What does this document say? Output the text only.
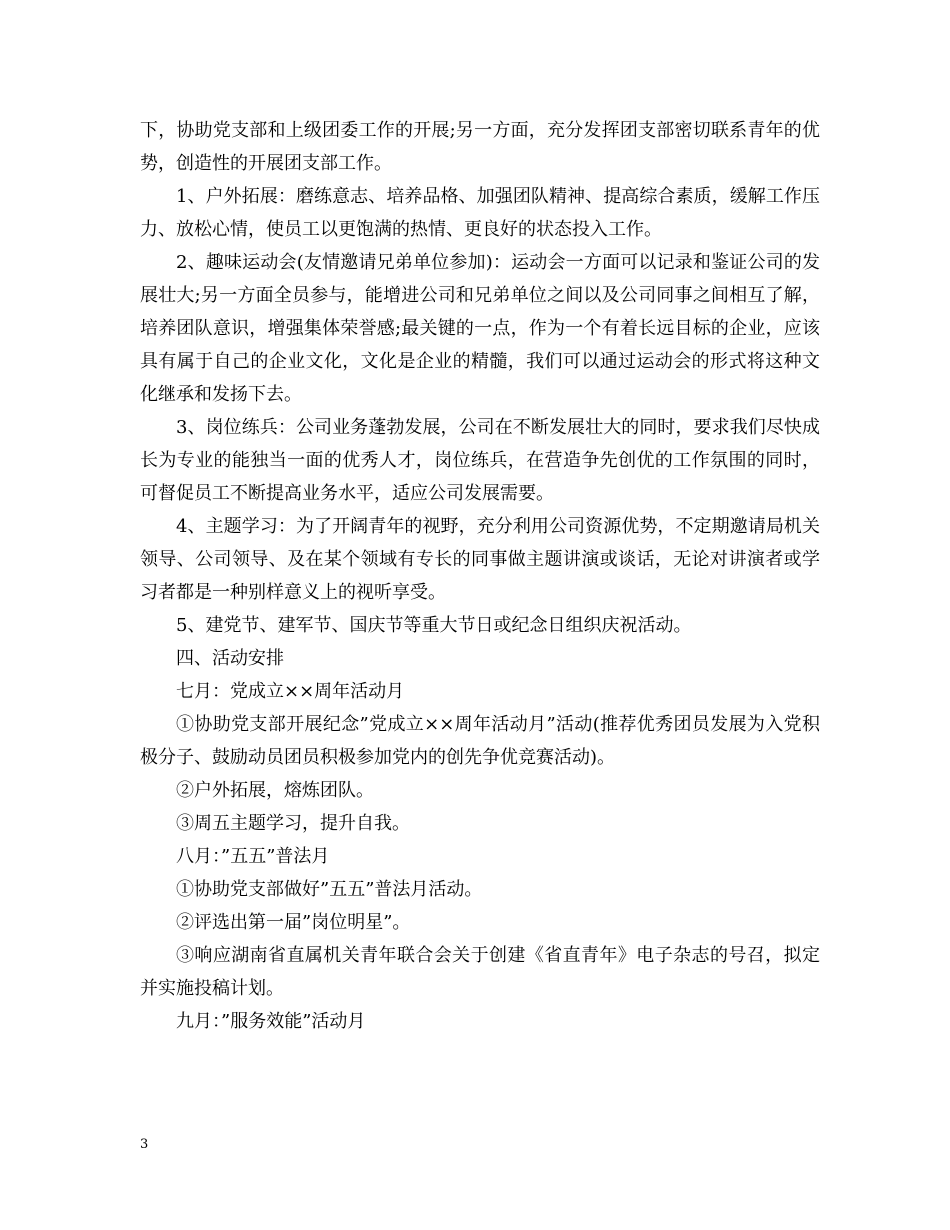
下，协助党支部和上级团委工作的开展;另一方面，充分发挥团支部密切联系青年的优势，创造性的开展团支部工作。

1、户外拓展：磨练意志、培养品格、加强团队精神、提高综合素质，缓解工作压力、放松心情，使员工以更饱满的热情、更良好的状态投入工作。

2、趣味运动会(友情邀请兄弟单位参加)：运动会一方面可以记录和鉴证公司的发展壮大;另一方面全员参与，能增进公司和兄弟单位之间以及公司同事之间相互了解，培养团队意识，增强集体荣誉感;最关键的一点，作为一个有着长远目标的企业，应该具有属于自己的企业文化，文化是企业的精髓，我们可以通过运动会的形式将这种文化继承和发扬下去。

3、岗位练兵：公司业务蓬勃发展，公司在不断发展壮大的同时，要求我们尽快成长为专业的能独当一面的优秀人才，岗位练兵，在营造争先创优的工作氛围的同时，可督促员工不断提高业务水平，适应公司发展需要。

4、主题学习：为了开阔青年的视野，充分利用公司资源优势，不定期邀请局机关领导、公司领导、及在某个领域有专长的同事做主题讲演或谈话，无论对讲演者或学习者都是一种别样意义上的视听享受。

5、建党节、建军节、国庆节等重大节日或纪念日组织庆祝活动。

四、活动安排

七月：党成立××周年活动月

①协助党支部开展纪念”党成立××周年活动月”活动(推荐优秀团员发展为入党积极分子、鼓励动员团员积极参加党内的创先争优竞赛活动)。

②户外拓展，熔炼团队。

③周五主题学习，提升自我。

八月：”五五”普法月

①协助党支部做好”五五”普法月活动。

②评选出第一届”岗位明星”。

③响应湖南省直属机关青年联合会关于创建《省直青年》电子杂志的号召，拟定并实施投稿计划。

九月：”服务效能”活动月

3
